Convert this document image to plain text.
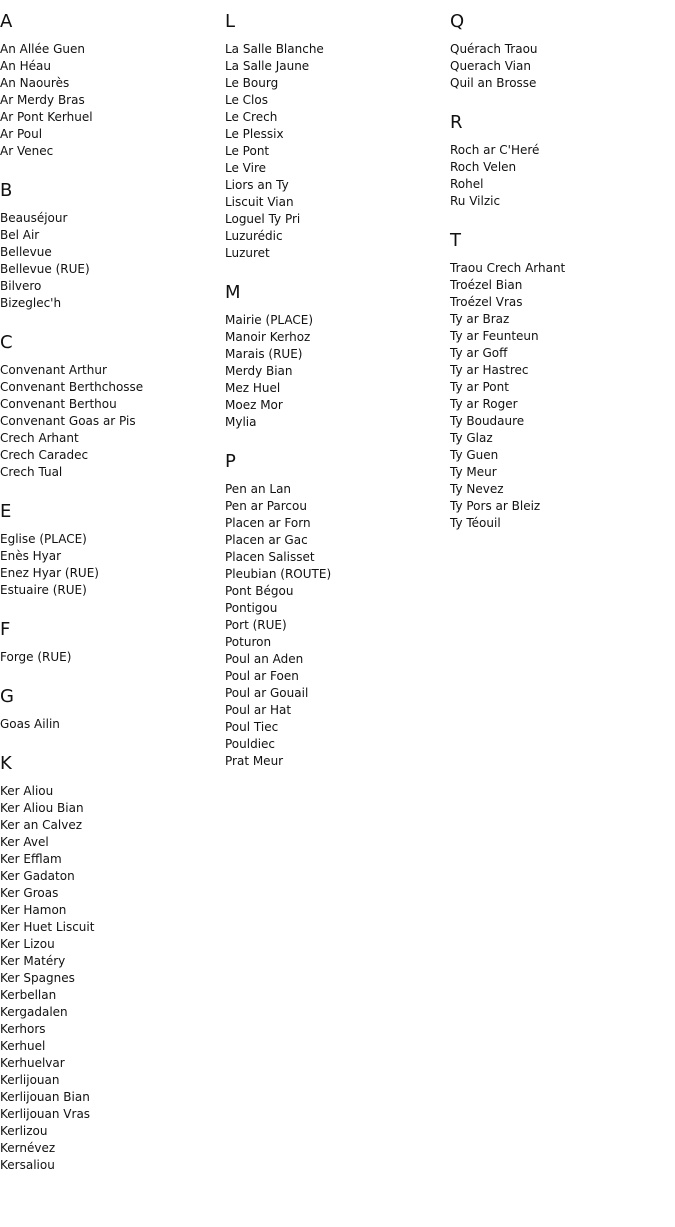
A
An Allée Guen
An Héau
An Naourès
Ar Merdy Bras
Ar Pont Kerhuel
Ar Poul
Ar Venec
B
Beauséjour
Bel Air
Bellevue
Bellevue (RUE)
Bilvero
Bizeglec'h
C
Convenant Arthur
Convenant Berthchosse
Convenant Berthou
Convenant Goas ar Pis
Crech Arhant
Crech Caradec
Crech Tual
E
Eglise (PLACE)
Enès Hyar
Enez Hyar (RUE)
Estuaire (RUE)
F
Forge (RUE)
G
Goas Ailin
K
Ker Aliou
Ker Aliou Bian
Ker an Calvez
Ker Avel
Ker Efflam
Ker Gadaton
Ker Groas
Ker Hamon
Ker Huet Liscuit
Ker Lizou
Ker Matéry
Ker Spagnes
Kerbellan
Kergadalen
Kerhors
Kerhuel
Kerhuelvar
Kerlijouan
Kerlijouan Bian
Kerlijouan Vras
Kerlizou
Kernévez
Kersaliou
L
La Salle Blanche
La Salle Jaune
Le Bourg
Le Clos
Le Crech
Le Plessix
Le Pont
Le Vire
Liors an Ty
Liscuit Vian
Loguel Ty Pri
Luzurédic
Luzuret
M
Mairie (PLACE)
Manoir Kerhoz
Marais (RUE)
Merdy Bian
Mez Huel
Moez Mor
Mylia
P
Pen an Lan
Pen ar Parcou
Placen ar Forn
Placen ar Gac
Placen Salisset
Pleubian (ROUTE)
Pont Bégou
Pontigou
Port (RUE)
Poturon
Poul an Aden
Poul ar Foen
Poul ar Gouail
Poul ar Hat
Poul Tiec
Pouldiec
Prat Meur
Q
Quérach Traou
Querach Vian
Quil an Brosse
R
Roch ar C'Heré
Roch Velen
Rohel
Ru Vilzic
T
Traou Crech Arhant
Troézel Bian
Troézel Vras
Ty ar Braz
Ty ar Feunteun
Ty ar Goff
Ty ar Hastrec
Ty ar Pont
Ty ar Roger
Ty Boudaure
Ty Glaz
Ty Guen
Ty Meur
Ty Nevez
Ty Pors ar Bleiz
Ty Téouil
